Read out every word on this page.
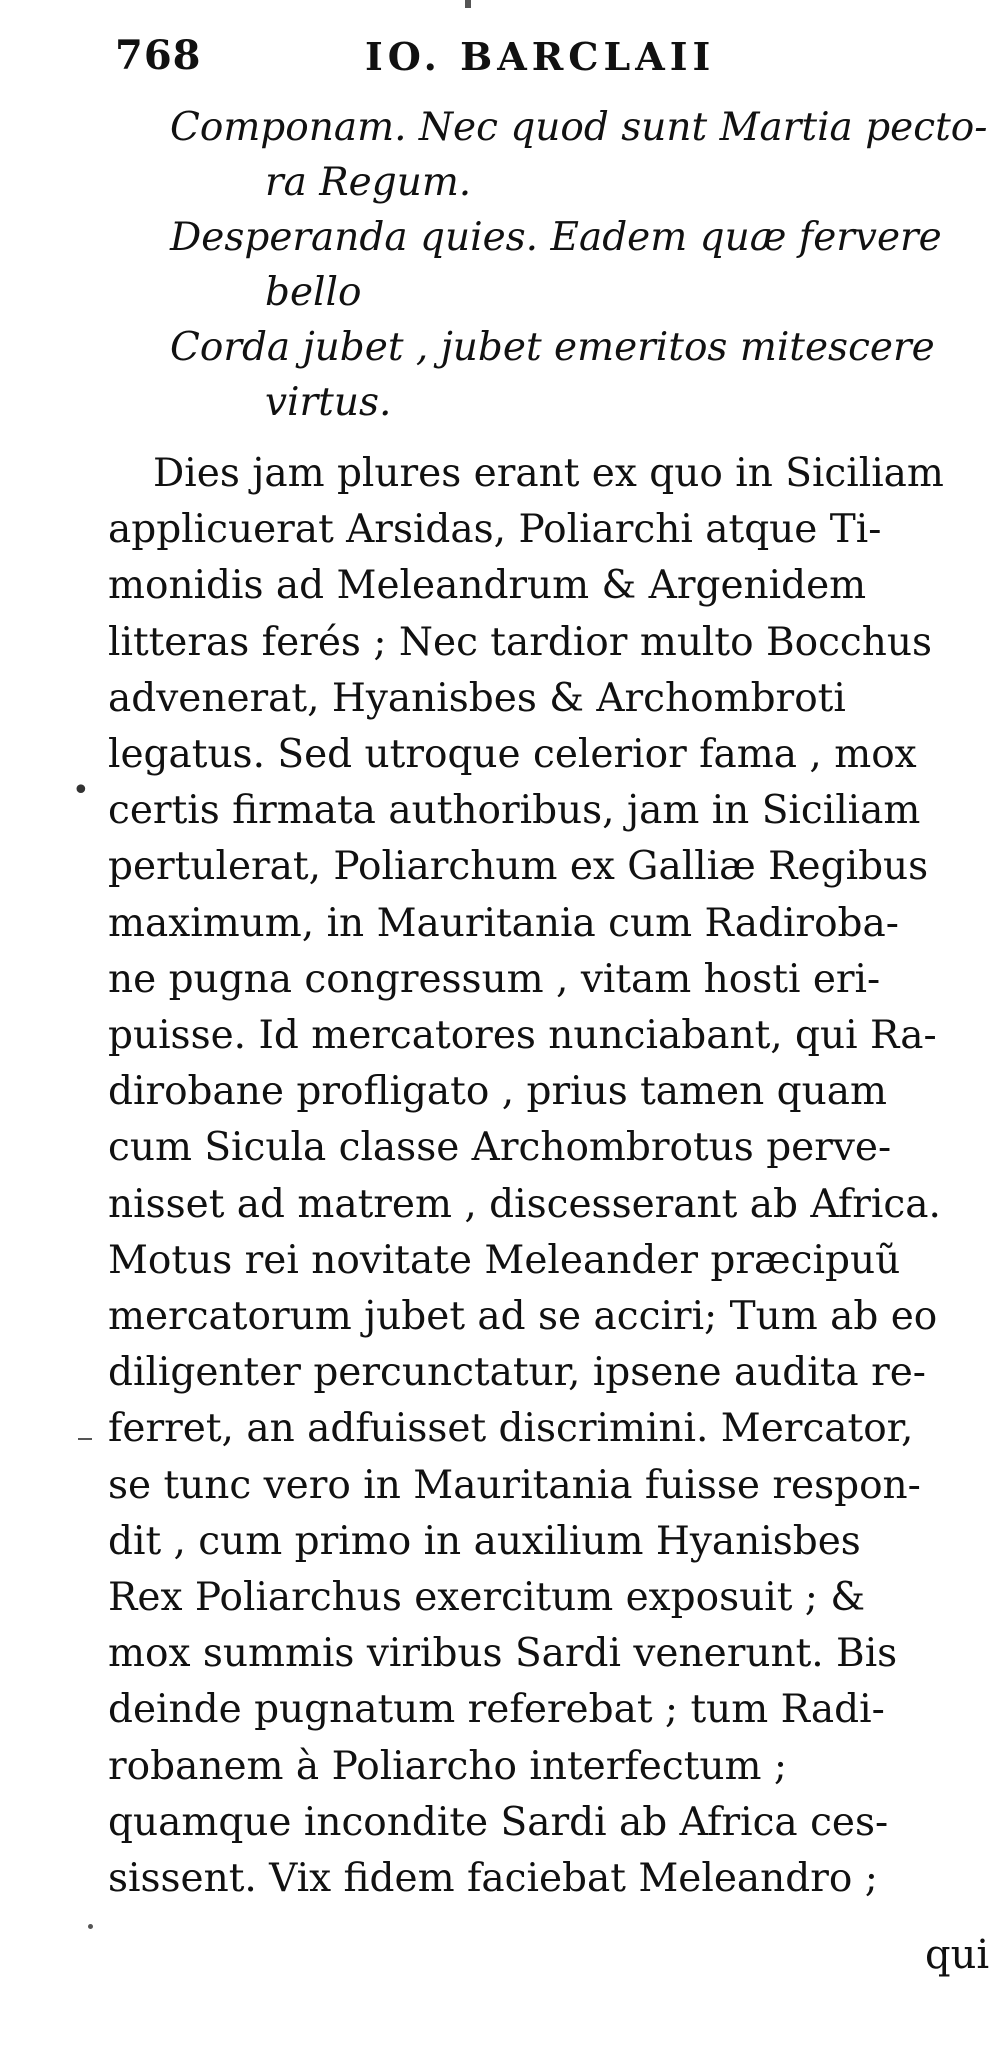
768	IO. BARCLAII
Componam. Nec quod sunt Martia pecto-
ra Regum.
Desperanda quies. Eadem quæ fervere
bello
Corda jubet , jubet emeritos mitescere
virtus.
•
Dies jam plures erant ex quo in Siciliam
applicuerat Arsidas, Poliarchi atque Ti-
monidis ad Meleandrum & Argenidem
litteras ferés ; Nec tardior multo Bocchus
advenerat, Hyanisbes & Archombroti
legatus. Sed utroque celerior fama , mox
certis firmata authoribus, jam in Siciliam
pertulerat, Poliarchum ex Galliæ Regibus
maximum, in Mauritania cum Radiroba-
ne pugna congressum , vitam hosti eri-
puisse. Id mercatores nunciabant, qui Ra-
dirobane profligato , prius tamen quam
cum Sicula classe Archombrotus perve-
nisset ad matrem , discesserant ab Africa.
Motus rei novitate Meleander præcipuũ
mercatorum jubet ad se acciri; Tum ab eo
diligenter percunctatur, ipsene audita re-
ferret, an adfuisset discrimini. Mercator,
se tunc vero in Mauritania fuisse respon-
dit , cum primo in auxilium Hyanisbes
Rex Poliarchus exercitum exposuit ; &
mox summis viribus Sardi venerunt. Bis
deinde pugnatum referebat ; tum Radi-
robanem à Poliarcho interfectum ;
quamque incondite Sardi ab Africa ces-
sissent. Vix fidem faciebat Meleandro ;
qui
